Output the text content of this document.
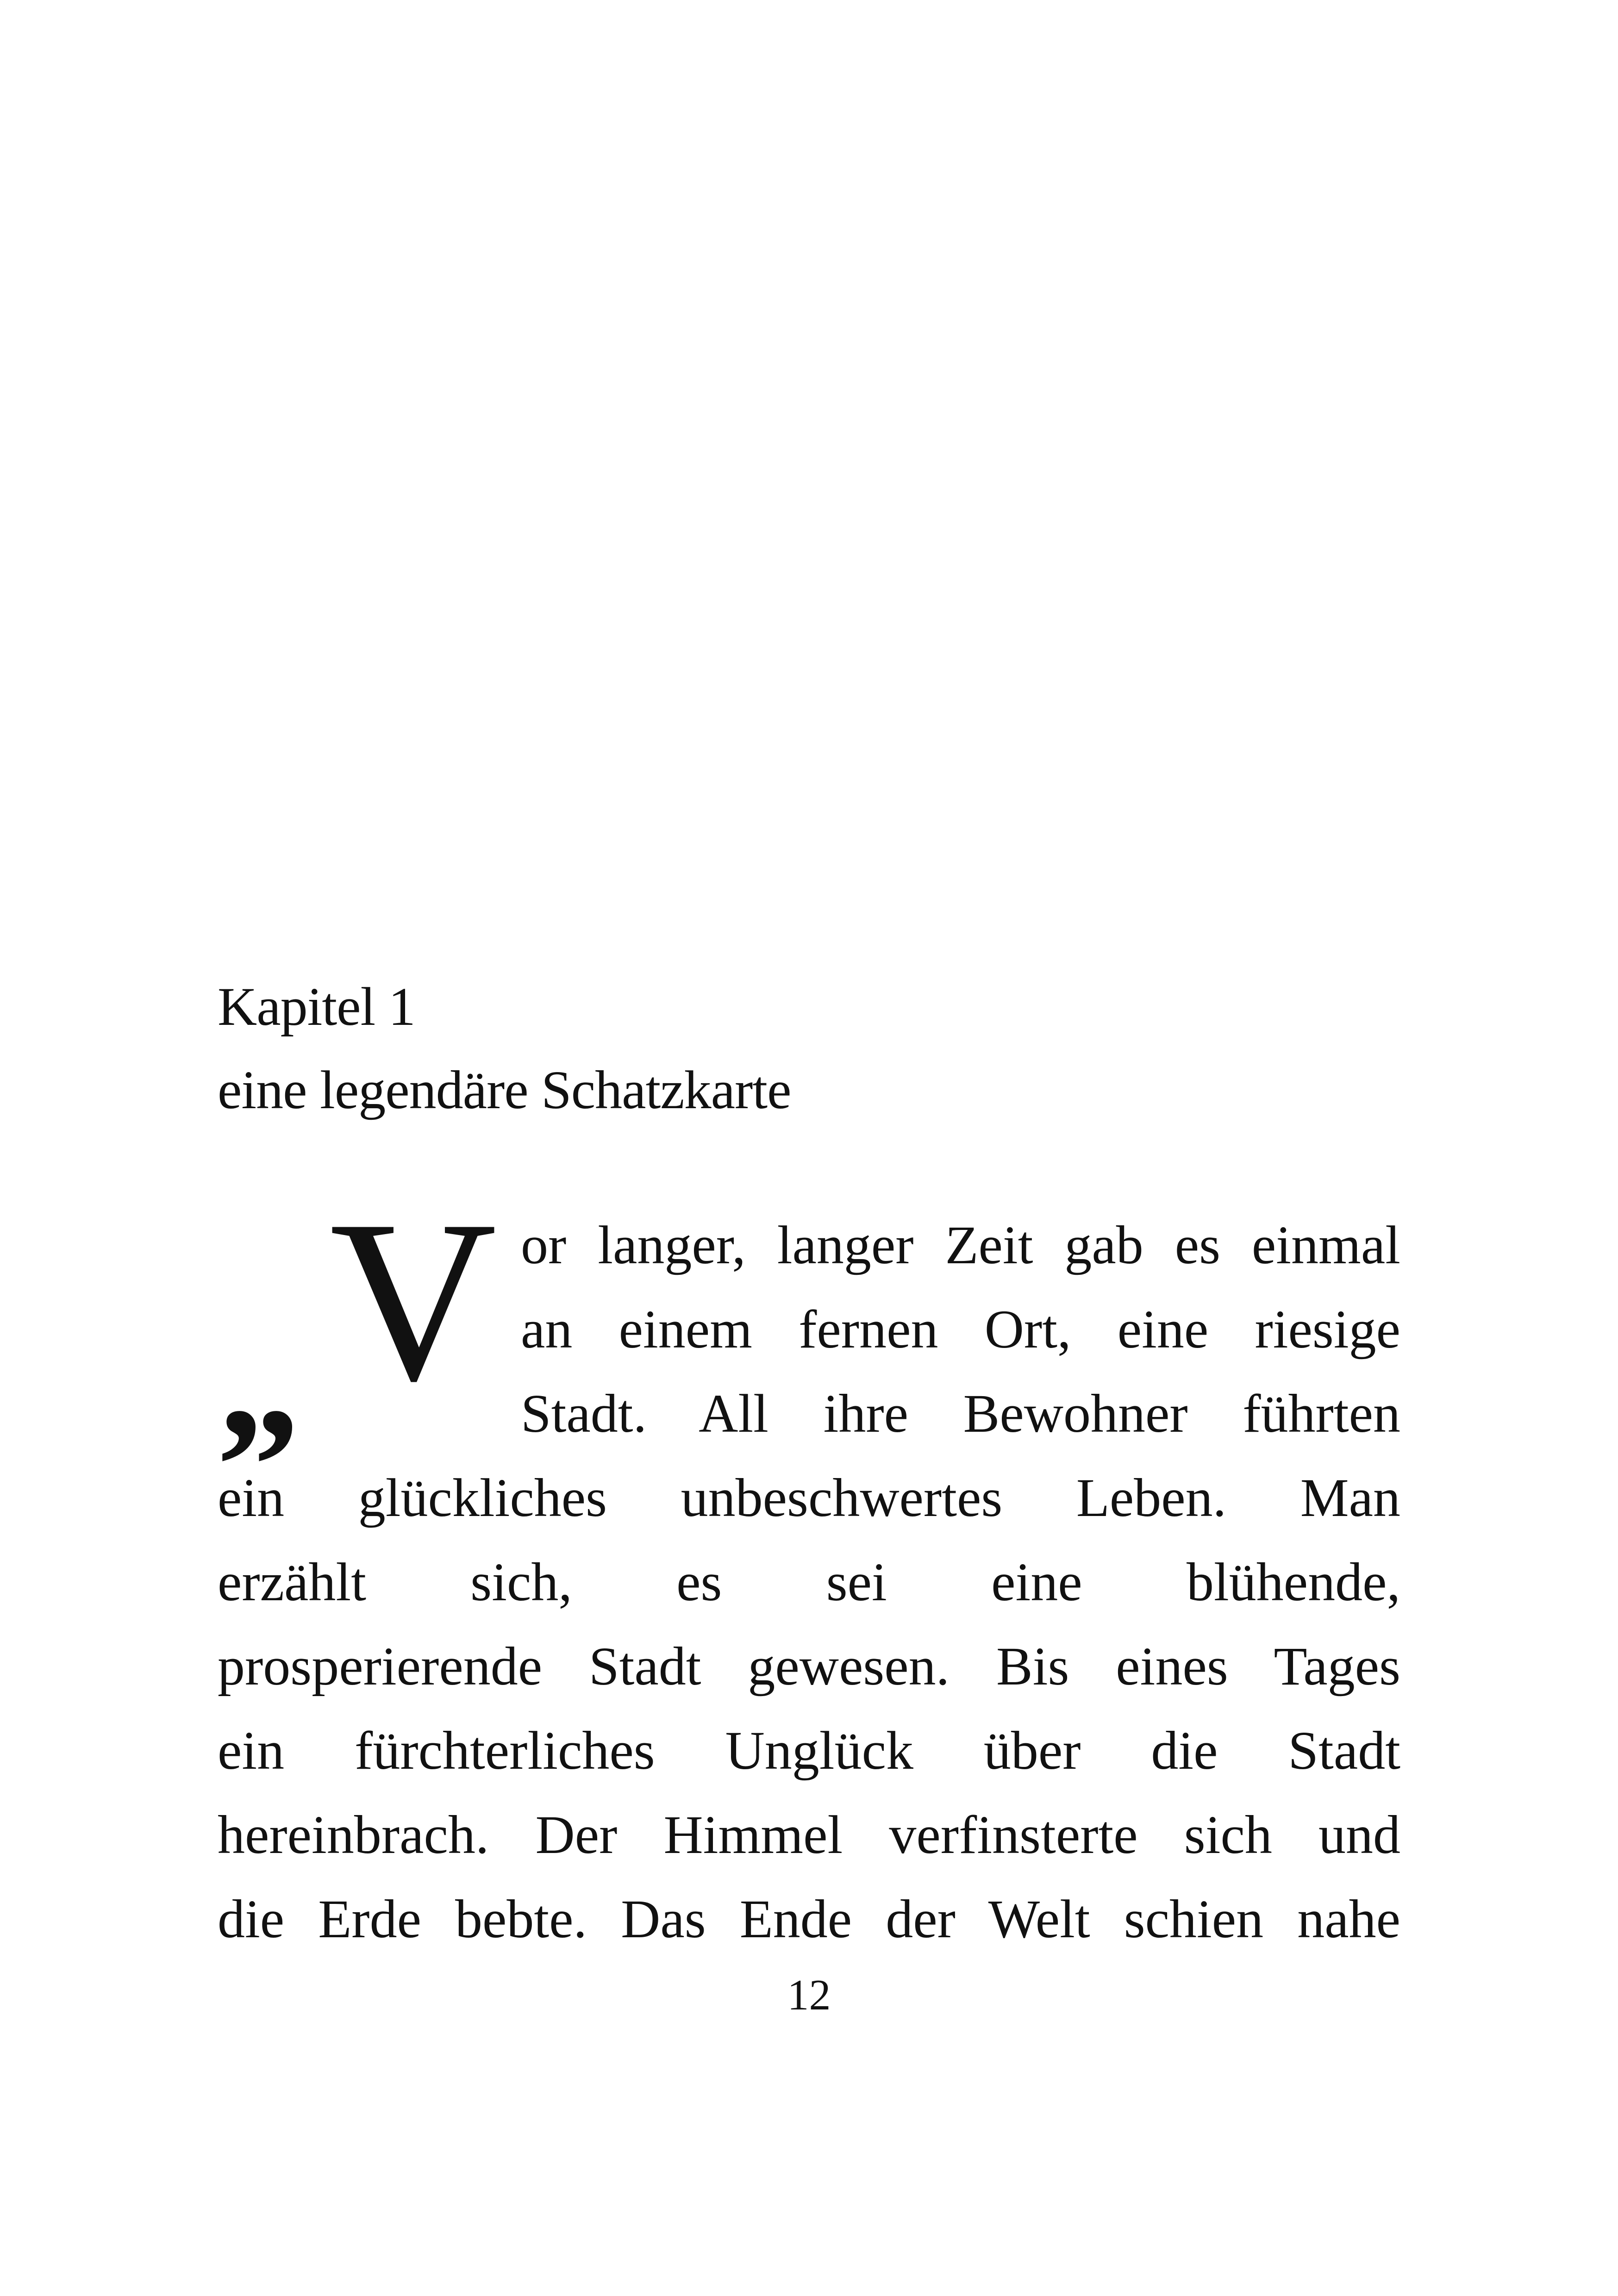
Kapitel 1
eine legendäre Schatzkarte
„ V or langer, langer Zeit gab es einmal
an einem fernen Ort, eine riesige
Stadt. All ihre Bewohner führten
ein glückliches unbeschwertes Leben. Man
erzählt sich, es sei eine blühende,
prosperierende Stadt gewesen. Bis eines Tages
ein fürchterliches Unglück über die Stadt
hereinbrach. Der Himmel verfinsterte sich und
die Erde bebte. Das Ende der Welt schien nahe
12
